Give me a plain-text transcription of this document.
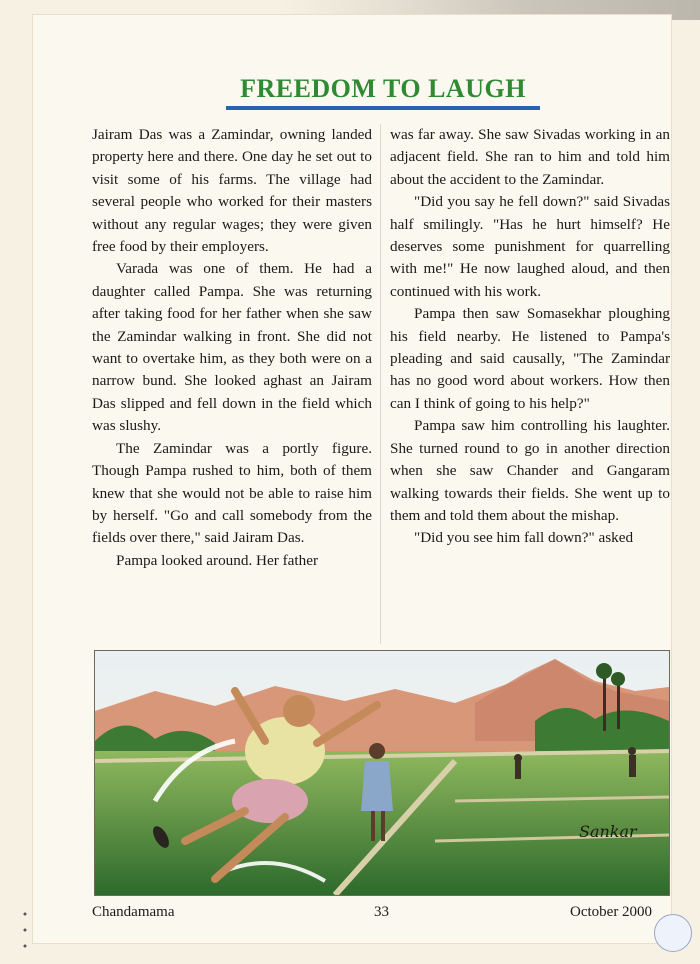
FREEDOM TO LAUGH

Jairam Das was a Zamindar, owning landed property here and there. One day he set out to visit some of his farms. The village had several people who worked for their masters without any regular wages; they were given free food by their employers.

Varada was one of them. He had a daughter called Pampa. She was returning after taking food for her father when she saw the Zamindar walking in front. She did not want to overtake him, as they both were on a narrow bund. She looked aghast an Jairam Das slipped and fell down in the field which was slushy.

The Zamindar was a portly figure. Though Pampa rushed to him, both of them knew that she would not be able to raise him by herself. "Go and call somebody from the fields over there," said Jairam Das.

Pampa looked around. Her father

was far away. She saw Sivadas working in an adjacent field. She ran to him and told him about the accident to the Zamindar.

"Did you say he fell down?" said Sivadas half smilingly. "Has he hurt himself? He deserves some punishment for quarrelling with me!" He now laughed aloud, and then continued with his work.

Pampa then saw Somasekhar ploughing his field nearby. He listened to Pampa's pleading and said causally, "The Zamindar has no good word about workers. How then can I think of going to his help?"

Pampa saw him controlling his laughter. She turned round to go in another direction when she saw Chander and Gangaram walking towards their fields. She went up to them and told them about the mishap.

"Did you see him fall down?" asked

Sankar
Chandamama	33	October 2000
